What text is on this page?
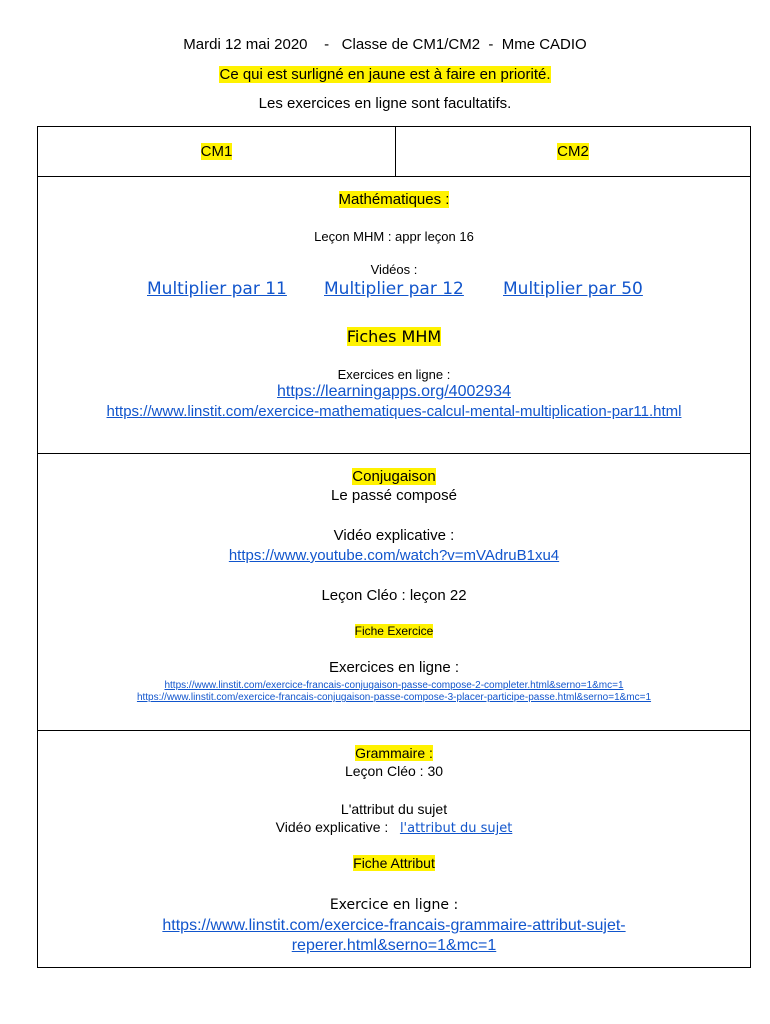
Mardi 12 mai 2020    -   Classe de CM1/CM2  -  Mme CADIO
Ce qui est surligné en jaune est à faire en priorité.
Les exercices en ligne sont facultatifs.
CM1	CM2
Mathématiques :
Leçon MHM : appr leçon 16
Vidéos :
Multiplier par 11 Multiplier par 12 Multiplier par 50
Fiches MHM
Exercices en ligne :
https://learningapps.org/4002934
https://www.linstit.com/exercice-mathematiques-calcul-mental-multiplication-par11.html
Conjugaison
Le passé composé
Vidéo explicative :
https://www.youtube.com/watch?v=mVAdruB1xu4
Leçon Cléo : leçon 22
Fiche Exercice
Exercices en ligne :
https://www.linstit.com/exercice-francais-conjugaison-passe-compose-2-completer.html&serno=1&mc=1
https://www.linstit.com/exercice-francais-conjugaison-passe-compose-3-placer-participe-passe.html&serno=1&mc=1
Grammaire :
Leçon Cléo : 30
L'attribut du sujet
Vidéo explicative : l'attribut du sujet
Fiche Attribut
Exercice en ligne :
https://www.linstit.com/exercice-francais-grammaire-attribut-sujet-
reperer.html&serno=1&mc=1
